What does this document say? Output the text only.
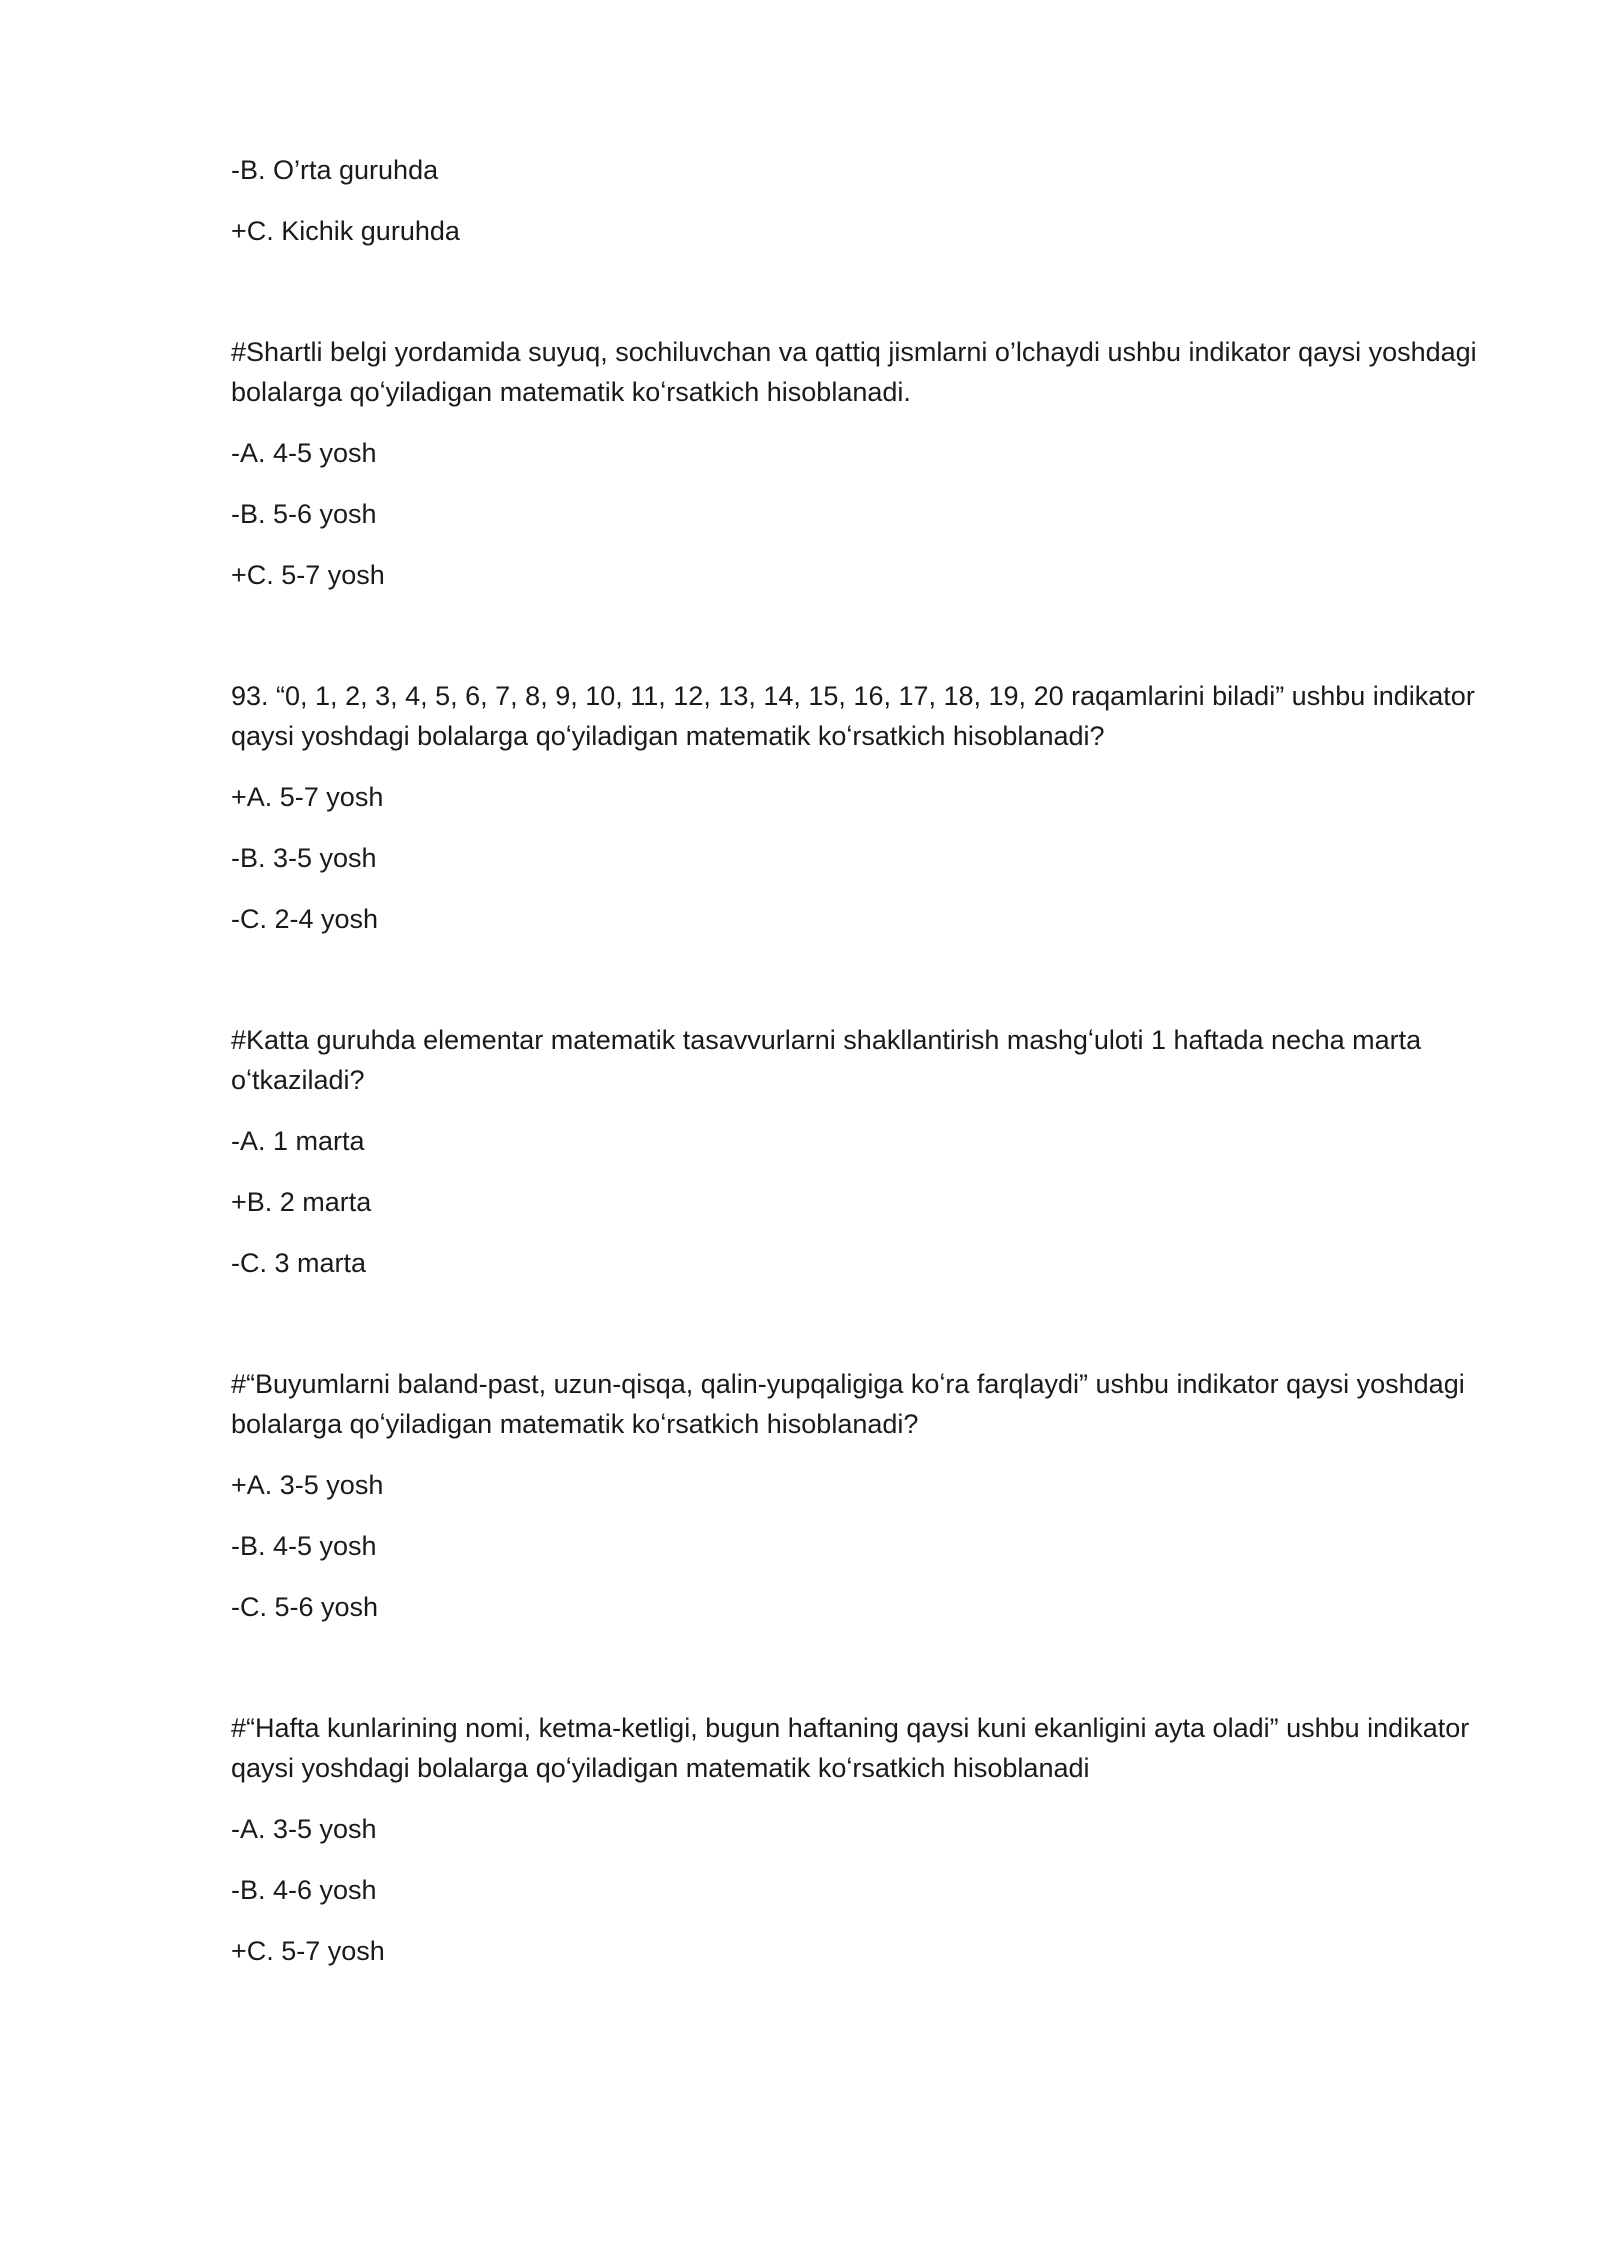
-B. O’rta guruhda
+C. Kichik guruhda
#Shartli belgi yordamida suyuq, sochiluvchan va qattiq jismlarni o’lchaydi ushbu indikator qaysi yoshdagi bolalarga qoʻyiladigan matematik koʻrsatkich hisoblanadi.
-A. 4-5 yosh
-B. 5-6 yosh
+C. 5-7 yosh
93. “0, 1, 2, 3, 4, 5, 6, 7, 8, 9, 10, 11, 12, 13, 14, 15, 16, 17, 18, 19, 20 raqamlarini biladi” ushbu indikator qaysi yoshdagi bolalarga qoʻyiladigan matematik koʻrsatkich hisoblanadi?
+A. 5-7 yosh
-B. 3-5 yosh
-C. 2-4 yosh
#Katta guruhda elementar matematik tasavvurlarni shakllantirish mashgʻuloti 1 haftada necha marta oʻtkaziladi?
-A. 1 marta
+B. 2 marta
-C. 3 marta
#“Buyumlarni baland-past, uzun-qisqa, qalin-yupqaligiga koʻra farqlaydi” ushbu indikator qaysi yoshdagi bolalarga qoʻyiladigan matematik koʻrsatkich hisoblanadi?
+A. 3-5 yosh
-B. 4-5 yosh
-C. 5-6 yosh
#“Hafta kunlarining nomi, ketma-ketligi, bugun haftaning qaysi kuni ekanligini ayta oladi” ushbu indikator qaysi yoshdagi bolalarga qoʻyiladigan matematik koʻrsatkich hisoblanadi
-A. 3-5 yosh
-B. 4-6 yosh
+C. 5-7 yosh
